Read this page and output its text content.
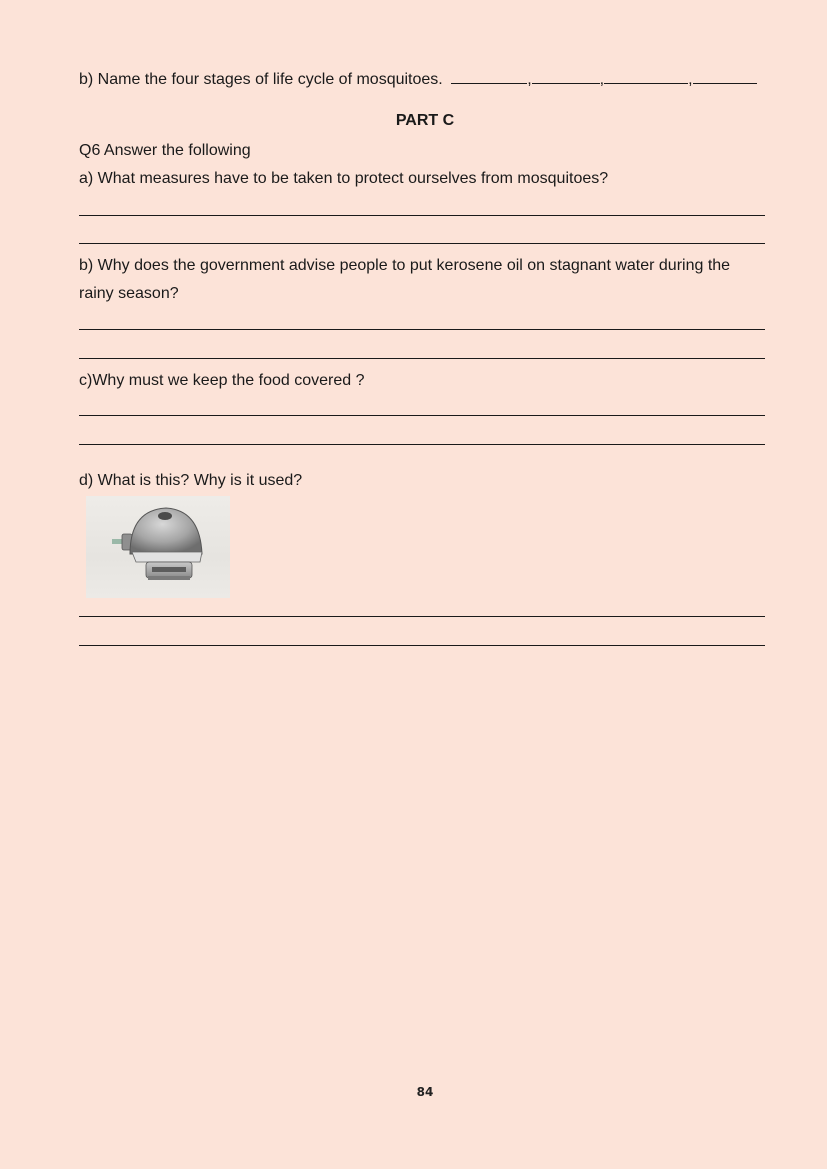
b) Name the four stages of life cycle of mosquitoes.	,	,	,
PART C
Q6 Answer the following
a) What measures have to be taken to protect ourselves from mosquitoes?
b) Why does the government advise people to put kerosene oil on stagnant water during the
rainy season?
c)Why must we keep the food covered ?
d) What is this? Why is it used?
84
